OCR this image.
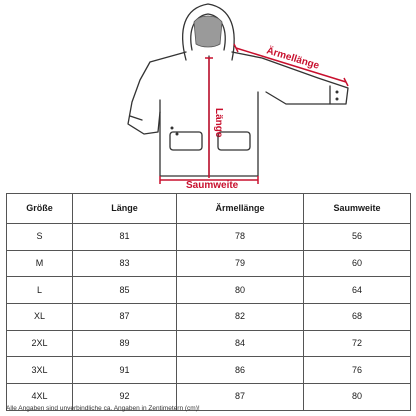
Ärmellänge
Länge
Saumweite
Größe	Länge	Ärmellänge	Saumweite
S	81	78	56
M	83	79	60
L	85	80	64
XL	87	82	68
2XL	89	84	72
3XL	91	86	76
4XL	92	87	80
Alle Angaben sind unverbindliche ca. Angaben in Zentimetern (cm)!
